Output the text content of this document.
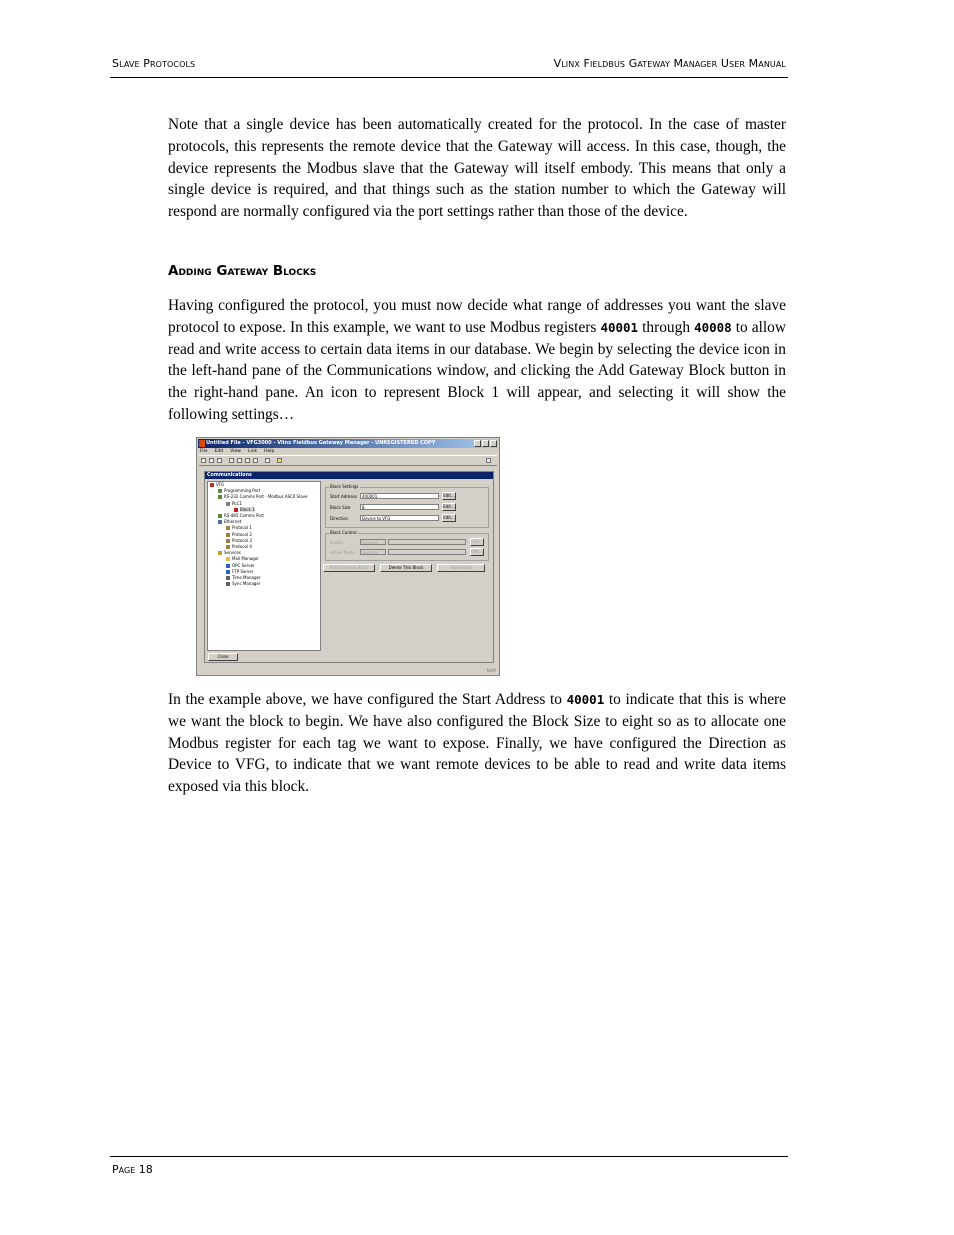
Slave Protocols	Vlinx Fieldbus Gateway Manager User Manual

Note that a single device has been automatically created for the protocol. In the case of master protocols, this represents the remote device that the Gateway will access. In this case, though, the device represents the Modbus slave that the Gateway will itself embody. This means that only a single device is required, and that things such as the station number to which the Gateway will respond are normally configured via the port settings rather than those of the device.

Adding Gateway Blocks

Having configured the protocol, you must now decide what range of addresses you want the slave protocol to expose. In this example, we want to use Modbus registers 40001 through 40008 to allow read and write access to certain data items in our database. We begin by selecting the device icon in the left-hand pane of the Communications window, and clicking the Add Gateway Block button in the right-hand pane. An icon to represent Block 1 will appear, and selecting it will show the following settings…

Untitled File - VFG3000 - Vlinx Fieldbus Gateway Manager - UNREGISTERED COPY
File Edit View Link Help
Communications
VFG
Programming Port
RS-232 Comms Port - Modbus ASCII Slave
PLC1
Block 1
RS-485 Comms Port
Ethernet
Protocol 1
Protocol 2
Protocol 3
Protocol 4
Services
Mail Manager
OPC Server
FTP Server
Time Manager
Sync Manager
Block Settings
Start Address	400001	Edit...
Block Size	8	Edit...
Direction	Device to VFG	Edit...
Block Control
Enable	General	Edit...
Active Mode	General	Edit...
Add Gateway Block	Delete This Block	View Block
Close
NUM

In the example above, we have configured the Start Address to 40001 to indicate that this is where we want the block to begin. We have also configured the Block Size to eight so as to allocate one Modbus register for each tag we want to expose. Finally, we have configured the Direction as Device to VFG, to indicate that we want remote devices to be able to read and write data items exposed via this block.

Page 18
